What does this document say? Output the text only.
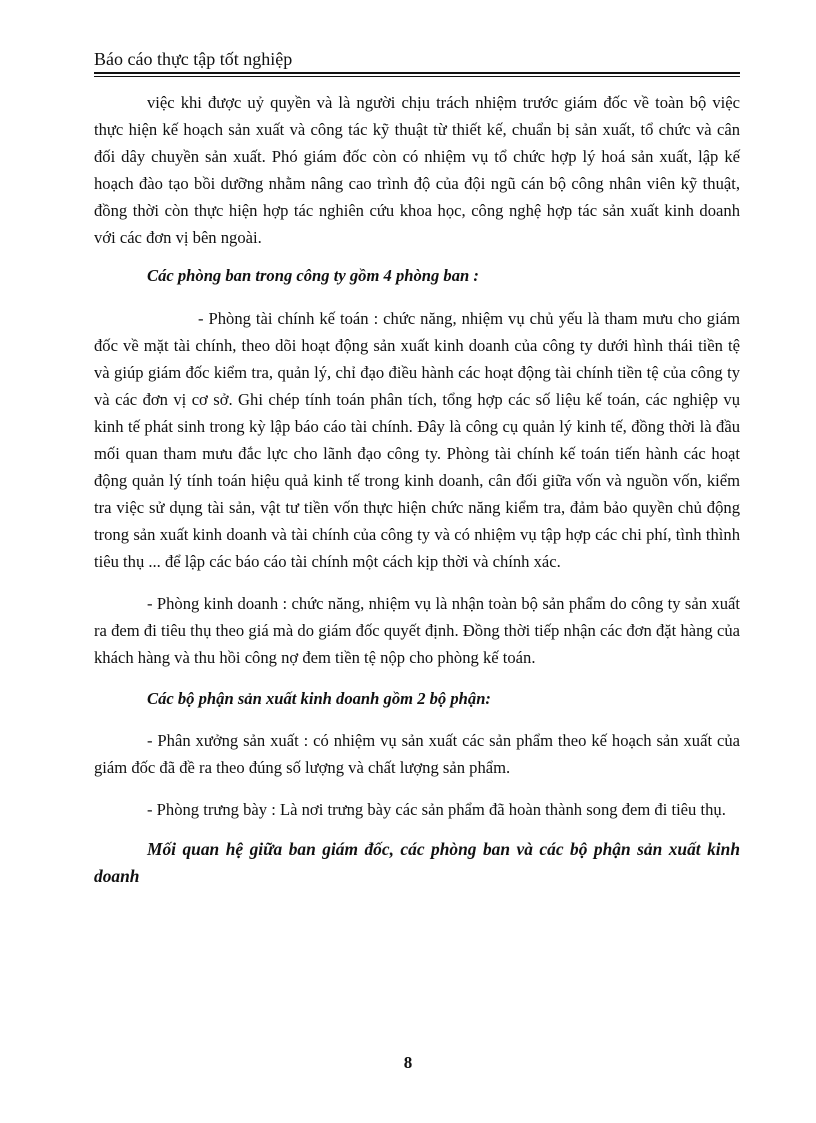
Báo cáo thực tập tốt nghiệp

việc khi được uỷ quyền và là người chịu trách nhiệm trước giám đốc về toàn bộ việc thực hiện kế hoạch sản xuất và công tác kỹ thuật từ thiết kế, chuẩn bị sản xuất, tổ chức và cân đối dây chuyền sản xuất. Phó giám đốc còn có nhiệm vụ tổ chức hợp lý hoá sản xuất, lập kế hoạch đào tạo bồi dưỡng nhằm nâng cao trình độ của đội ngũ cán bộ công nhân viên kỹ thuật, đồng thời còn thực hiện hợp tác nghiên cứu khoa học, công nghệ hợp tác sản xuất kinh doanh với các đơn vị bên ngoài.

Các phòng ban trong công ty gồm 4 phòng ban :

- Phòng tài chính kế toán : chức năng, nhiệm vụ chủ yếu là tham mưu cho giám đốc về mặt tài chính, theo dõi hoạt động sản xuất kinh doanh của công ty dưới hình thái tiền tệ và giúp giám đốc kiểm tra, quản lý, chỉ đạo điều hành các hoạt động tài chính tiền tệ của công ty và các đơn vị cơ sở. Ghi chép tính toán phân tích, tổng hợp các số liệu kế toán, các nghiệp vụ kinh tế phát sinh trong kỳ lập báo cáo tài chính. Đây là công cụ quản lý kinh tế, đồng thời là đầu mối quan tham mưu đắc lực cho lãnh đạo công ty. Phòng tài chính kế toán tiến hành các hoạt động quản lý tính toán hiệu quả kinh tế trong kinh doanh, cân đối giữa vốn và nguồn vốn, kiểm tra việc sử dụng tài sản, vật tư tiền vốn thực hiện chức năng kiểm tra, đảm bảo quyền chủ động trong sản xuất kinh doanh và tài chính của công ty và có nhiệm vụ tập hợp các chi phí, tình thình tiêu thụ ... để lập các báo cáo tài chính một cách kịp thời và chính xác.

- Phòng kinh doanh : chức năng, nhiệm vụ là nhận toàn bộ sản phẩm do công ty sản xuất ra đem đi tiêu thụ theo giá mà do giám đốc quyết định. Đồng thời tiếp nhận các đơn đặt hàng của khách hàng và thu hồi công nợ đem tiền tệ nộp cho phòng kế toán.

Các bộ phận sản xuất kinh doanh gồm 2 bộ phận:

- Phân xưởng sản xuất : có nhiệm vụ sản xuất các sản phẩm theo kế hoạch sản xuất của giám đốc đã đề ra theo đúng số lượng và chất lượng sản phẩm.

- Phòng trưng bày : Là nơi trưng bày các sản phẩm đã hoàn thành song đem đi tiêu thụ.

Mối quan hệ giữa ban giám đốc, các phòng ban và các bộ phận sản xuất kinh doanh

8
